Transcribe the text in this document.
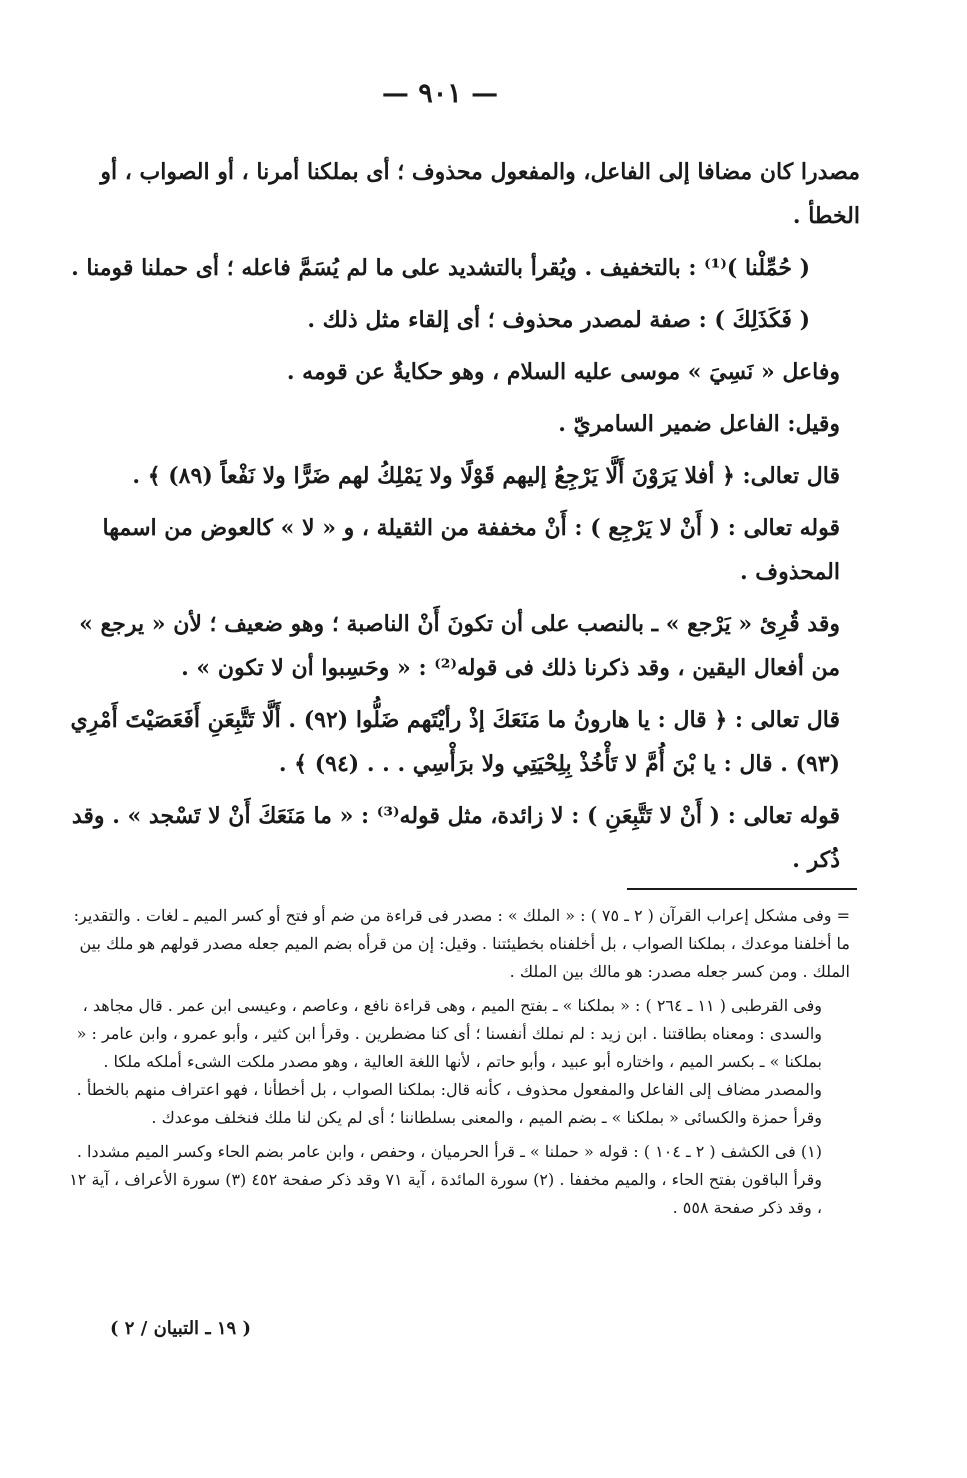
— ٩٠١ —

مصدرا كان مضافا إلى الفاعل، والمفعول محذوف ؛ أى بملكنا أمرنا ، أو الصواب ، أو الخطأ .

( حُمِّلْنا )⁽¹⁾ : بالتخفيف . ويُقرأ بالتشديد على ما لم يُسَمَّ فاعله ؛ أى حملنا قومنا .

( فَكَذَلِكَ ) : صفة لمصدر محذوف ؛ أى إلقاء مثل ذلك .

وفاعل « نَسِيَ » موسى عليه السلام ، وهو حكايةٌ عن قومه .

وقيل: الفاعل ضمير السامريّ .

قال تعالى: ﴿ أفلا يَرَوْنَ أَلَّا يَرْجِعُ إليهم قَوْلًا ولا يَمْلِكُ لهم ضَرًّا ولا نَفْعاً (٨٩) ﴾ .

قوله تعالى : ( أَنْ لا يَرْجِع ) : أَنْ مخففة من الثقيلة ، و « لا » كالعوض من اسمها المحذوف .

وقد قُرِئ « يَرْجع » ـ بالنصب على أن تكونَ أَنْ الناصبة ؛ وهو ضعيف ؛ لأن « يرجع » من أفعال اليقين ، وقد ذكرنا ذلك فى قوله⁽²⁾ : « وحَسِبوا أن لا تكون » .

قال تعالى : ﴿ قال : يا هارونُ ما مَنَعَكَ إذْ رأيْتَهم ضَلُّوا (٩٢) . أَلَّا تَتَّبِعَنِ أَفَعَصَيْتَ أَمْرِي (٩٣) . قال : يا بْنَ أُمَّ لا تَأْخُذْ بِلِحْيَتِي ولا برَأْسِي . . . (٩٤) ﴾ .

قوله تعالى : ( أَنْ لا تَتَّبِعَنِ ) : لا زائدة، مثل قوله⁽³⁾ : « ما مَنَعَكَ أَنْ لا تَسْجد » . وقد ذُكر .

= وفى مشكل إعراب القرآن ( ٢ ـ ٧٥ ) : « الملك » : مصدر فى قراءة من ضم أو فتح أو كسر الميم ـ لغات . والتقدير: ما أخلفنا موعدك ، بملكنا الصواب ، بل أخلفناه بخطيئتنا . وقيل: إن من قرأه بضم الميم جعله مصدر قولهم هو ملك بين الملك . ومن كسر جعله مصدر: هو مالك بين الملك .

وفى القرطبى ( ١١ ـ ٢٦٤ ) : « بملكنا » ـ بفتح الميم ، وهى قراءة نافع ، وعاصم ، وعيسى ابن عمر . قال مجاهد ، والسدى : ومعناه بطاقتنا . ابن زيد : لم نملك أنفسنا ؛ أى كنا مضطرين . وقرأ ابن كثير ، وأبو عمرو ، وابن عامر : « بملكنا » ـ بكسر الميم ، واختاره أبو عبيد ، وأبو حاتم ، لأنها اللغة العالية ، وهو مصدر ملكت الشىء أملكه ملكا . والمصدر مضاف إلى الفاعل والمفعول محذوف ، كأنه قال: بملكنا الصواب ، بل أخطأنا ، فهو اعتراف منهم بالخطأ . وقرأ حمزة والكسائى « بملكنا » ـ بضم الميم ، والمعنى بسلطاننا ؛ أى لم يكن لنا ملك فنخلف موعدك .

(١) فى الكشف ( ٢ ـ ١٠٤ ) : قوله « حملنا » ـ قرأ الحرميان ، وحفص ، وابن عامر بضم الحاء وكسر الميم مشددا . وقرأ الباقون بفتح الحاء ، والميم مخففا . (٢) سورة المائدة ، آية ٧١ وقد ذكر صفحة ٤٥٢ (٣) سورة الأعراف ، آية ١٢ ، وقد ذكر صفحة ٥٥٨ .

( ١٩ ـ التبيان / ٢ )
